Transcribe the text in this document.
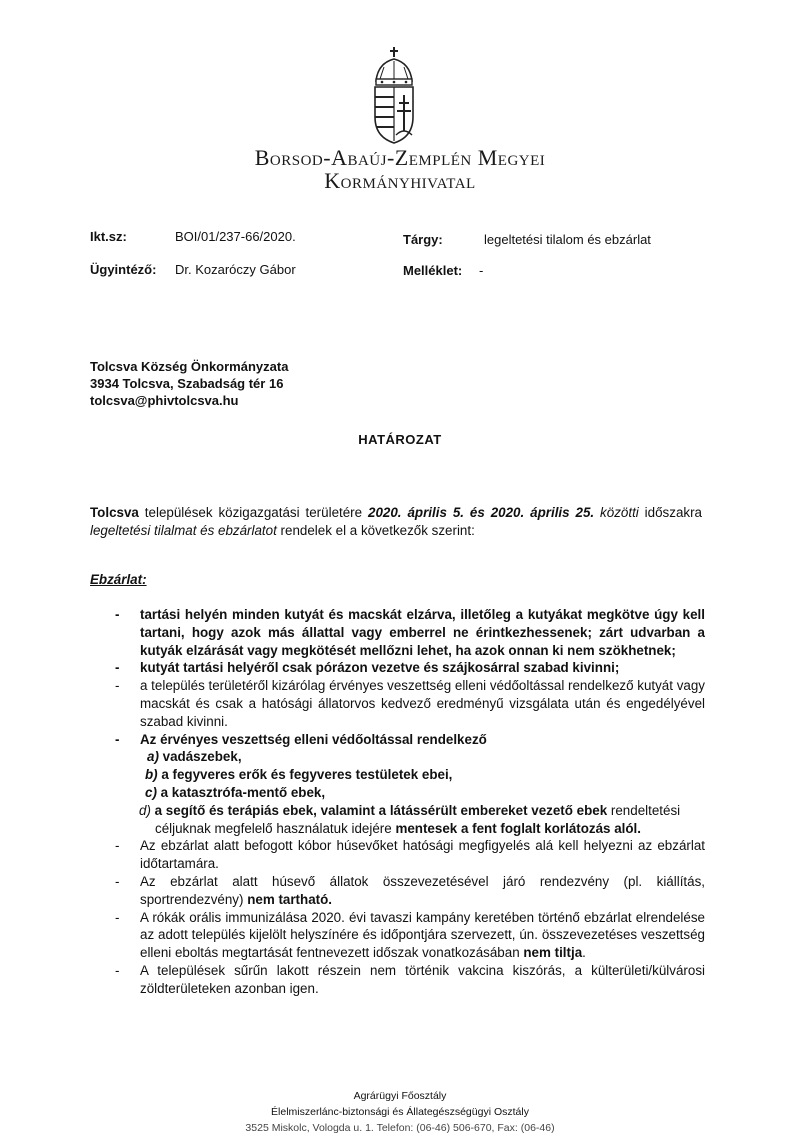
Borsod-Abaúj-Zemplén Megyei
Kormányhivatal
Ikt.sz:	BOI/01/237-66/2020.	Tárgy:	legeltetési tilalom és ebzárlat
Ügyintéző: Dr. Kozaróczy Gábor	Melléklet: -
Tolcsva Község Önkormányzata
3934 Tolcsva, Szabadság tér 16
tolcsva@phivtolcsva.hu
HATÁROZAT
Tolcsva települések közigazgatási területére 2020. április 5. és 2020. április 25. közötti időszakra legeltetési tilalmat és ebzárlatot rendelek el a következők szerint:
Ebzárlat:
- tartási helyén minden kutyát és macskát elzárva, illetőleg a kutyákat megkötve úgy kell tartani, hogy azok más állattal vagy emberrel ne érintkezhessenek; zárt udvarban a kutyák elzárását vagy megkötését mellőzni lehet, ha azok onnan ki nem szökhetnek;
- kutyát tartási helyéről csak pórázon vezetve és szájkosárral szabad kivinni;
- a település területéről kizárólag érvényes veszettség elleni védőoltással rendelkező kutyát vagy macskát és csak a hatósági állatorvos kedvező eredményű vizsgálata után és engedélyével szabad kivinni.
- Az érvényes veszettség elleni védőoltással rendelkező
a) vadászebek,
b) a fegyveres erők és fegyveres testületek ebei,
c) a katasztrófa-mentő ebek,
d) a segítő és terápiás ebek, valamint a látássérült embereket vezető ebek rendeltetési
céljuknak megfelelő használatuk idejére mentesek a fent foglalt korlátozás alól.
- Az ebzárlat alatt befogott kóbor húsevőket hatósági megfigyelés alá kell helyezni az ebzárlat időtartamára.
- Az ebzárlat alatt húsevő állatok összevezetésével járó rendezvény (pl. kiállítás, sportrendezvény) nem tartható.
- A rókák orális immunizálása 2020. évi tavaszi kampány keretében történő ebzárlat elrendelése az adott település kijelölt helyszínére és időpontjára szervezett, ún. összevezetéses veszettség elleni eboltás megtartását fentnevezett időszak vonatkozásában nem tiltja.
- A települések sűrűn lakott részein nem történik vakcina kiszórás, a külterületi/külvárosi zöldterületeken azonban igen.
Agrárügyi Főosztály
Élelmiszerlánc-biztonsági és Állategészségügyi Osztály
3525 Miskolc, Vologda u. 1. Telefon: (06-46) 506-670, Fax: (06-46)
